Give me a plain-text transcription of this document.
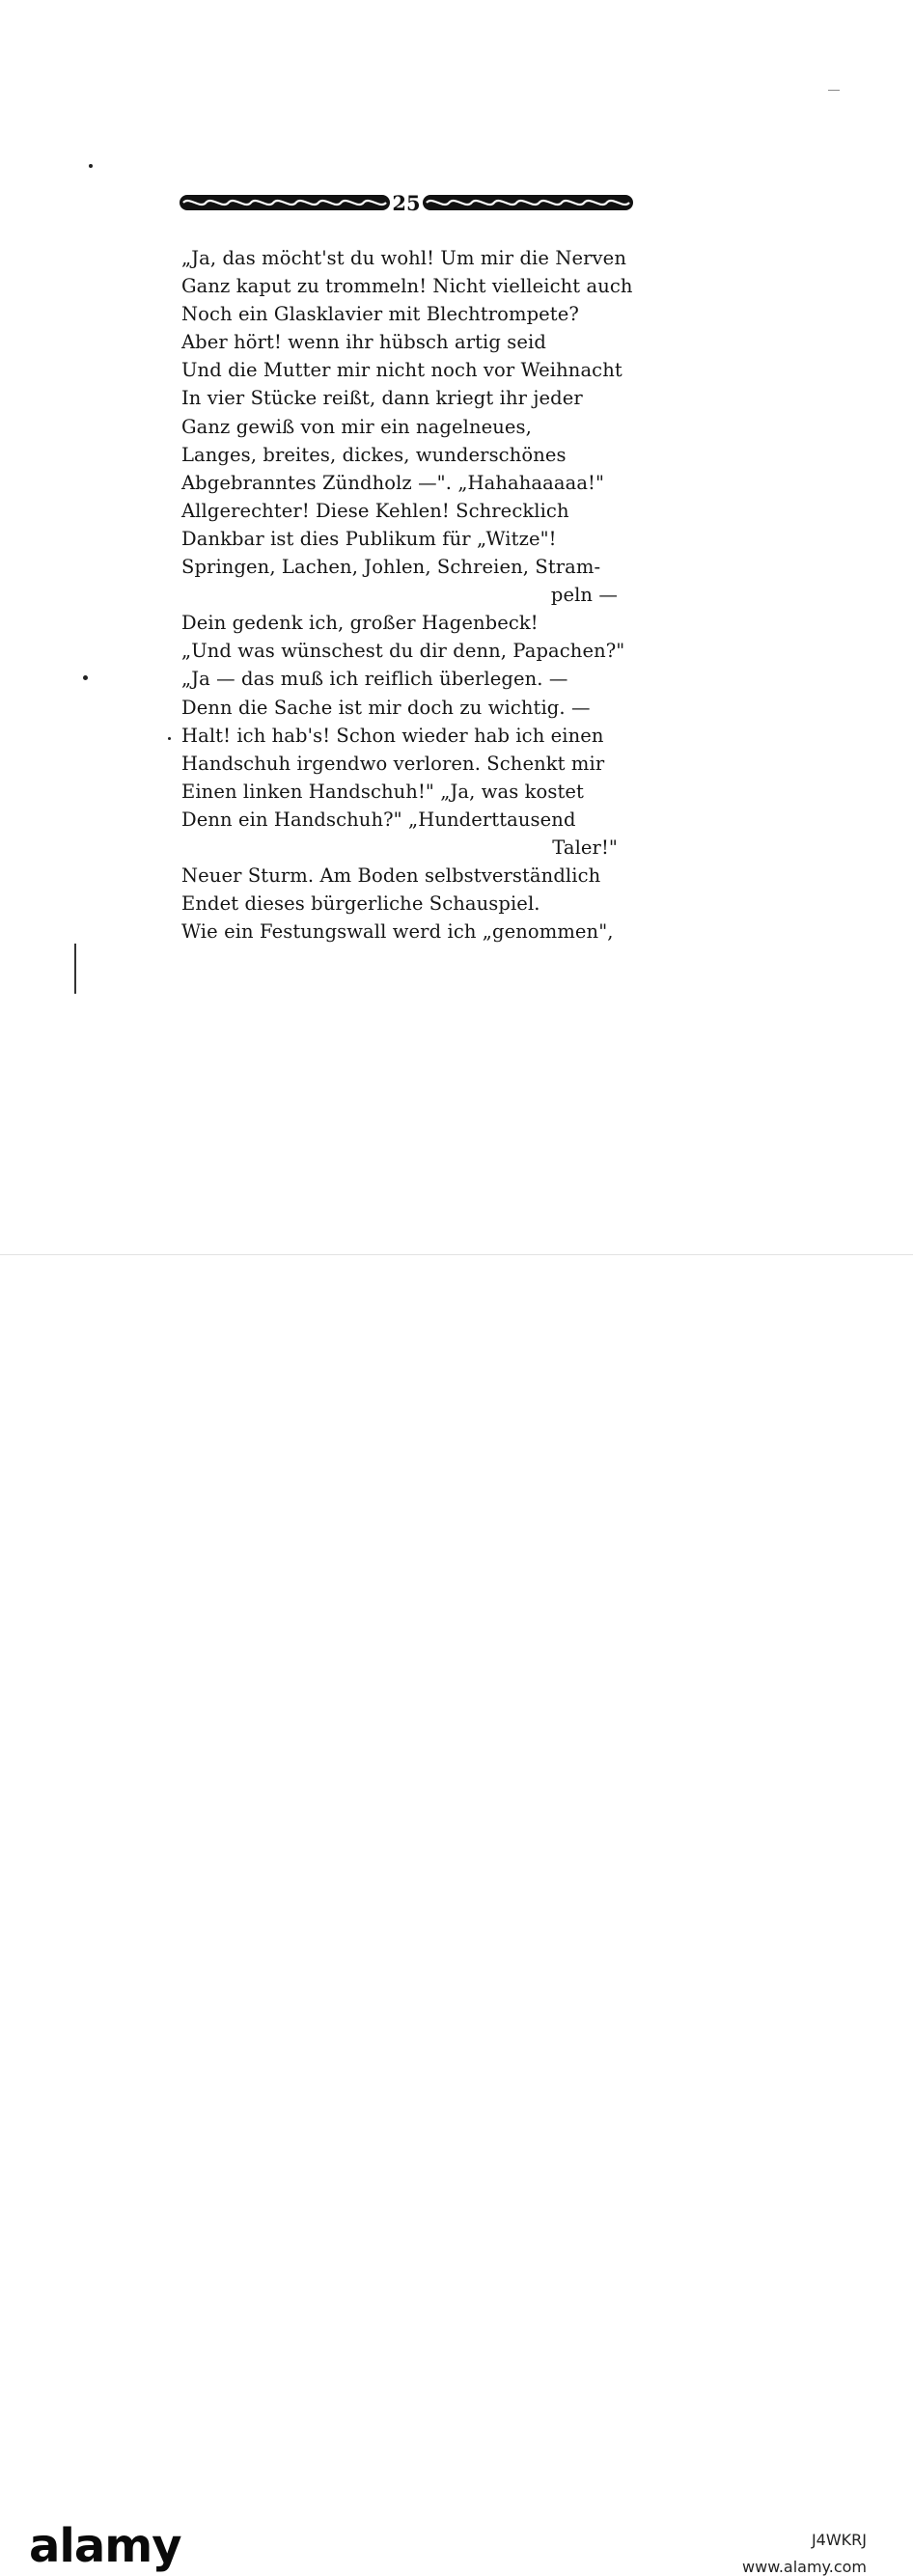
25
„Ja, das möcht'st du wohl! Um mir die Nerven
Ganz kaput zu trommeln! Nicht vielleicht auch
Noch ein Glasklavier mit Blechtrompete?
Aber hört! wenn ihr hübsch artig seid
Und die Mutter mir nicht noch vor Weihnacht
In vier Stücke reißt, dann kriegt ihr jeder
Ganz gewiß von mir ein nagelneues,
Langes, breites, dickes, wunderschönes
Abgebranntes Zündholz —". „Hahahaaaaa!"
Allgerechter! Diese Kehlen! Schrecklich
Dankbar ist dies Publikum für „Witze"!
Springen, Lachen, Johlen, Schreien, Stram-
peln —
Dein gedenk ich, großer Hagenbeck!
„Und was wünschest du dir denn, Papachen?"
„Ja — das muß ich reiflich überlegen. —
Denn die Sache ist mir doch zu wichtig. —
Halt! ich hab's! Schon wieder hab ich einen
Handschuh irgendwo verloren. Schenkt mir
Einen linken Handschuh!" „Ja, was kostet
Denn ein Handschuh?" „Hunderttausend
Taler!"
Neuer Sturm. Am Boden selbstverständlich
Endet dieses bürgerliche Schauspiel.
Wie ein Festungswall werd ich „genommen",
alamy	J4WKRJ
www.alamy.com
